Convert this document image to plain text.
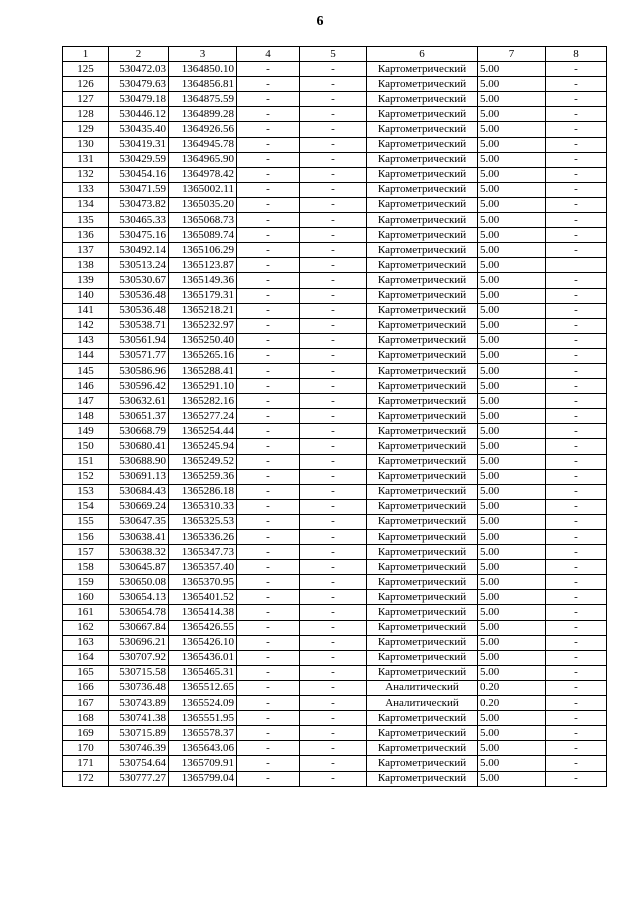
6
1	2	3	4	5	6	7	8
125	530472.03	1364850.10	-	-	Картометрический	5.00	-
126	530479.63	1364856.81	-	-	Картометрический	5.00	-
127	530479.18	1364875.59	-	-	Картометрический	5.00	-
128	530446.12	1364899.28	-	-	Картометрический	5.00	-
129	530435.40	1364926.56	-	-	Картометрический	5.00	-
130	530419.31	1364945.78	-	-	Картометрический	5.00	-
131	530429.59	1364965.90	-	-	Картометрический	5.00	-
132	530454.16	1364978.42	-	-	Картометрический	5.00	-
133	530471.59	1365002.11	-	-	Картометрический	5.00	-
134	530473.82	1365035.20	-	-	Картометрический	5.00	-
135	530465.33	1365068.73	-	-	Картометрический	5.00	-
136	530475.16	1365089.74	-	-	Картометрический	5.00	-
137	530492.14	1365106.29	-	-	Картометрический	5.00	-
138	530513.24	1365123.87	-	-	Картометрический	5.00	
139	530530.67	1365149.36	-	-	Картометрический	5.00	-
140	530536.48	1365179.31	-	-	Картометрический	5.00	-
141	530536.48	1365218.21	-	-	Картометрический	5.00	-
142	530538.71	1365232.97	-	-	Картометрический	5.00	-
143	530561.94	1365250.40	-	-	Картометрический	5.00	-
144	530571.77	1365265.16	-	-	Картометрический	5.00	-
145	530586.96	1365288.41	-	-	Картометрический	5.00	-
146	530596.42	1365291.10	-	-	Картометрический	5.00	-
147	530632.61	1365282.16	-	-	Картометрический	5.00	-
148	530651.37	1365277.24	-	-	Картометрический	5.00	-
149	530668.79	1365254.44	-	-	Картометрический	5.00	-
150	530680.41	1365245.94	-	-	Картометрический	5.00	-
151	530688.90	1365249.52	-	-	Картометрический	5.00	-
152	530691.13	1365259.36	-	-	Картометрический	5.00	-
153	530684.43	1365286.18	-	-	Картометрический	5.00	-
154	530669.24	1365310.33	-	-	Картометрический	5.00	-
155	530647.35	1365325.53	-	-	Картометрический	5.00	-
156	530638.41	1365336.26	-	-	Картометрический	5.00	-
157	530638.32	1365347.73	-	-	Картометрический	5.00	-
158	530645.87	1365357.40	-	-	Картометрический	5.00	-
159	530650.08	1365370.95	-	-	Картометрический	5.00	-
160	530654.13	1365401.52	-	-	Картометрический	5.00	-
161	530654.78	1365414.38	-	-	Картометрический	5.00	-
162	530667.84	1365426.55	-	-	Картометрический	5.00	-
163	530696.21	1365426.10	-	-	Картометрический	5.00	-
164	530707.92	1365436.01	-	-	Картометрический	5.00	-
165	530715.58	1365465.31	-	-	Картометрический	5.00	-
166	530736.48	1365512.65	-	-	Аналитический	0.20	-
167	530743.89	1365524.09	-	-	Аналитический	0.20	-
168	530741.38	1365551.95	-	-	Картометрический	5.00	-
169	530715.89	1365578.37	-	-	Картометрический	5.00	-
170	530746.39	1365643.06	-	-	Картометрический	5.00	-
171	530754.64	1365709.91	-	-	Картометрический	5.00	-
172	530777.27	1365799.04	-	-	Картометрический	5.00	-
